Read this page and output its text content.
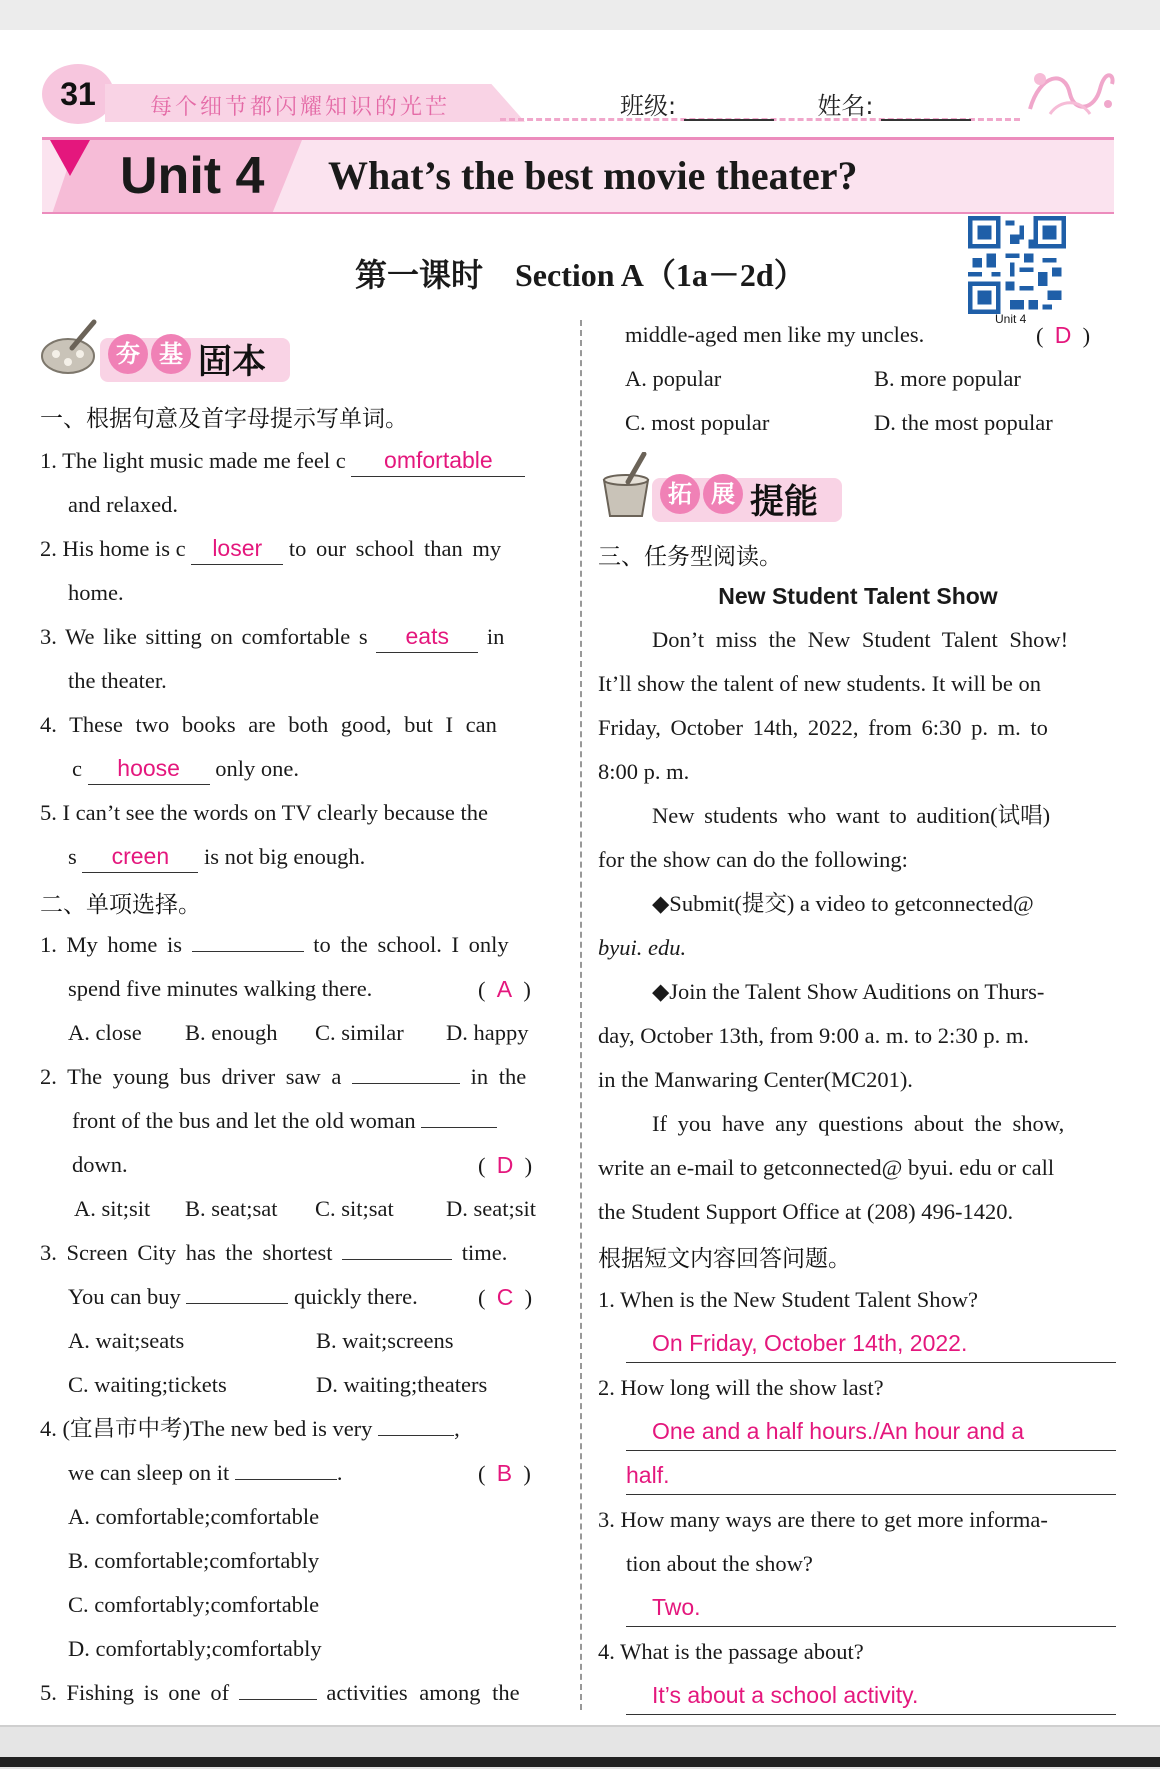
31	每个细节都闪耀知识的光芒	班级:	姓名:
Unit 4 What’s the best movie theater?
第一课时　Section A（1a－2d）
Unit 4
夯 基 固本
一、根据句意及首字母提示写单词。
1. The light music made me feel c omfortable
and relaxed.
2. His home is c loser to our school than my
home.
3. We like sitting on comfortable s eats in
the theater.
4. These two books are both good, but I can
c hoose only one.
5. I can’t see the words on TV clearly because the
s creen is not big enough.
二、单项选择。
1. My home is	to the school. I only
spend five minutes walking there.	(  A  )
A. close B. enough C. similar D. happy
2. The young bus driver saw a	in the
front of the bus and let the old woman
down.	(  D  )
A. sit;sit B. seat;sat C. sit;sat D. seat;sit
3. Screen City has the shortest	time.
You can buy	quickly there.	(  C  )
A. wait;seats	B. wait;screens
C. waiting;tickets	D. waiting;theaters
4. (宜昌市中考)The new bed is very	,
we can sleep on it	.	(  B  )
A. comfortable;comfortable
B. comfortable;comfortably
C. comfortably;comfortable
D. comfortably;comfortably
5. Fishing is one of	activities among the
middle-aged men like my uncles.	(  D  )
A. popular	B. more popular
C. most popular	D. the most popular
拓 展 提能
三、任务型阅读。
New Student Talent Show
Don’t miss the New Student Talent Show!
It’ll show the talent of new students. It will be on
Friday, October 14th, 2022, from 6:30 p. m. to
8:00 p. m.
New students who want to audition(试唱)
for the show can do the following:
◆Submit(提交) a video to getconnected@
byui. edu.
◆Join the Talent Show Auditions on Thurs-
day, October 13th, from 9:00 a. m. to 2:30 p. m.
in the Manwaring Center(MC201).
If you have any questions about the show,
write an e-mail to getconnected@ byui. edu or call
the Student Support Office at (208) 496-1420.
根据短文内容回答问题。
1. When is the New Student Talent Show?
On Friday, October 14th, 2022.
2. How long will the show last?
One and a half hours./An hour and a
half.
3. How many ways are there to get more informa-
tion about the show?
Two.
4. What is the passage about?
It’s about a school activity.
